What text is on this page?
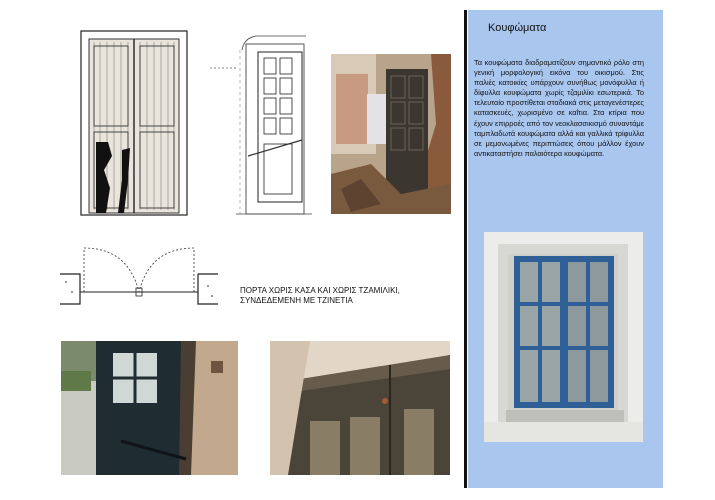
ΠΟΡΤΑ ΧΩΡΙΣ ΚΑΣΑ ΚΑΙ ΧΩΡΙΣ ΤΖΑΜΙΛΙΚΙ,
ΣΥΝΔΕΔΕΜΕΝΗ ΜΕ ΤΖΙΝΕΤΙΑ
Κουφώματα
Τα κουφώματα διαδραματίζουν σημαντικό ρόλο στη γενική μορφολογική εικόνα του οικισμού. Στις παλιές κατοικίες υπάρχουν συνήθως μονόφυλλα ή δίφυλλα κουφώματα χωρίς τζαμιλίκι εσωτερικά. Το τελευταίο προστίθεται σταδιακά στις μεταγενέστερες κατασκευές, χωρισμένο σε καΐτια. Στα κτίρια που έχουν επιρροές από τον νεοκλασσικισμό συναντάμε ταμπλαδωτά κουφώματα αλλά και γαλλικά τρίφυλλα σε μεμονωμένες περιπτώσεις όπου μάλλον έχουν αντικαταστήσει παλαιότερα κουφώματα.
